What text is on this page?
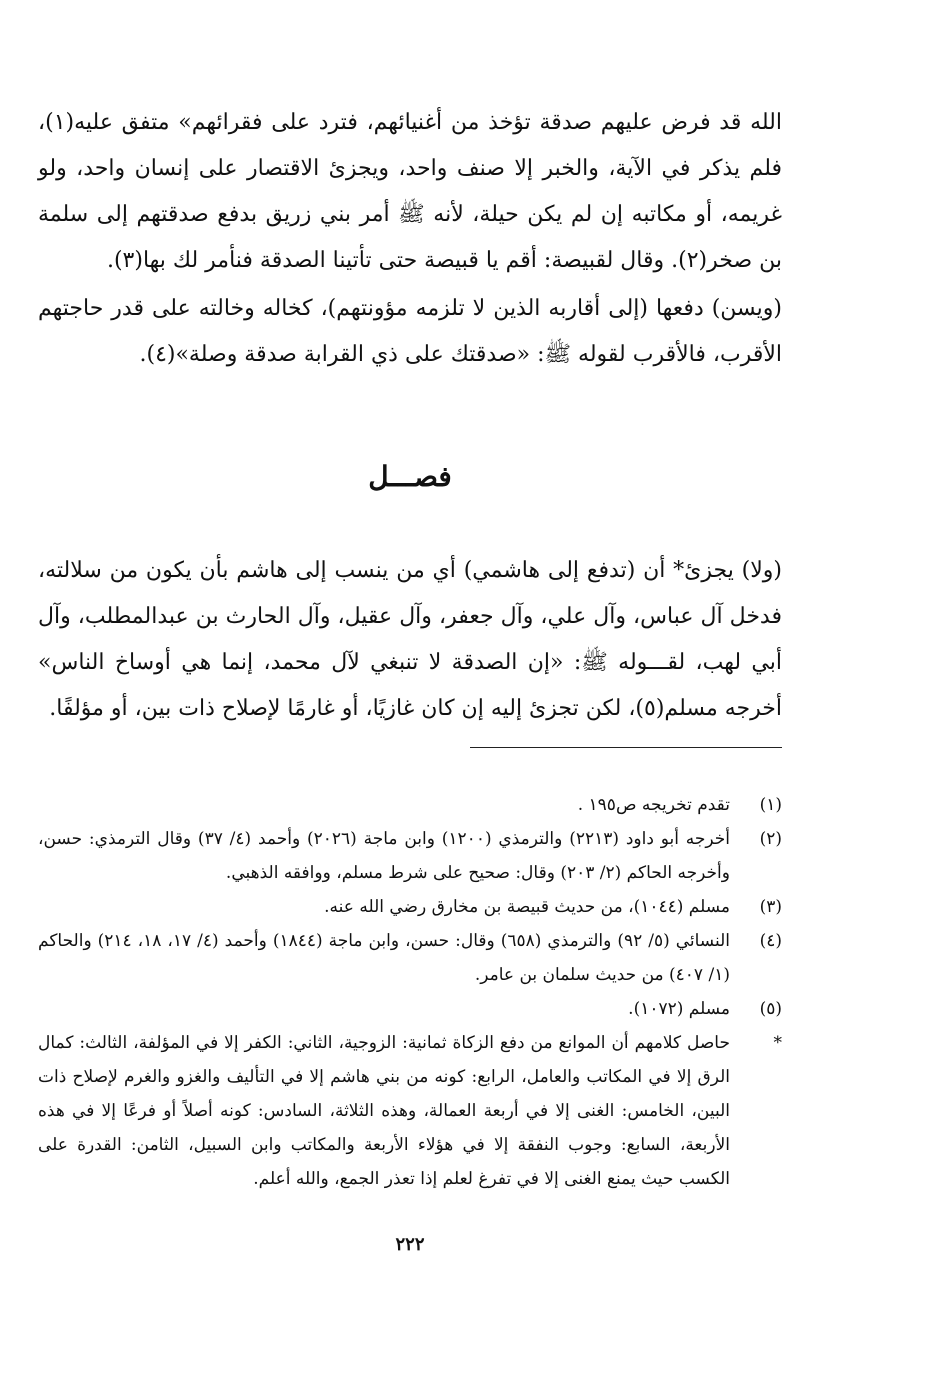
الله قد فرض عليهم صدقة تؤخذ من أغنيائهم، فترد على فقرائهم» متفق عليه(١)، فلم يذكر في الآية، والخبر إلا صنف واحد، ويجزئ الاقتصار على إنسان واحد، ولو غريمه، أو مكاتبه إن لم يكن حيلة، لأنه ﷺ أمر بني زريق بدفع صدقتهم إلى سلمة بن صخر(٢). وقال لقبيصة: أقم يا قبيصة حتى تأتينا الصدقة فنأمر لك بها(٣).

(ويسن) دفعها (إلى أقاربه الذين لا تلزمه مؤونتهم)، كخاله وخالته على قدر حاجتهم الأقرب، فالأقرب لقوله ﷺ: «صدقتك على ذي القرابة صدقة وصلة»(٤).

فصـــل

(ولا) يجزئ* أن (تدفع إلى هاشمي) أي من ينسب إلى هاشم بأن يكون من سلالته، فدخل آل عباس، وآل علي، وآل جعفر، وآل عقيل، وآل الحارث بن عبدالمطلب، وآل أبي لهب، لقـــوله ﷺ: «إن الصدقة لا تنبغي لآل محمد، إنما هي أوساخ الناس» أخرجه مسلم(٥)، لكن تجزئ إليه إن كان غازيًا، أو غارمًا لإصلاح ذات بين، أو مؤلفًا.

(١)
تقدم تخريجه ص١٩٥ .
(٢)
أخرجه أبو داود (٢٢١٣) والترمذي (١٢٠٠) وابن ماجة (٢٠٢٦) وأحمد (٤/ ٣٧) وقال الترمذي: حسن، وأخرجه الحاكم (٢/ ٢٠٣) وقال: صحيح على شرط مسلم، ووافقه الذهبي.
(٣)
مسلم (١٠٤٤)، من حديث قبيصة بن مخارق رضي الله عنه.
(٤)
النسائي (٥/ ٩٢) والترمذي (٦٥٨) وقال: حسن، وابن ماجة (١٨٤٤) وأحمد (٤/ ١٧، ١٨، ٢١٤) والحاكم (١/ ٤٠٧) من حديث سلمان بن عامر.
(٥)
مسلم (١٠٧٢).
*
حاصل كلامهم أن الموانع من دفع الزكاة ثمانية: الزوجية، الثاني: الكفر إلا في المؤلفة، الثالث: كمال الرق إلا في المكاتب والعامل، الرابع: كونه من بني هاشم إلا في التأليف والغزو والغرم لإصلاح ذات البين، الخامس: الغنى إلا في أربعة العمالة، وهذه الثلاثة، السادس: كونه أصلاً أو فرعًا إلا في هذه الأربعة، السابع: وجوب النفقة إلا في هؤلاء الأربعة والمكاتب وابن السبيل، الثامن: القدرة على الكسب حيث يمنع الغنى إلا في تفرغ لعلم إذا تعذر الجمع، والله أعلم.
٢٢٢
